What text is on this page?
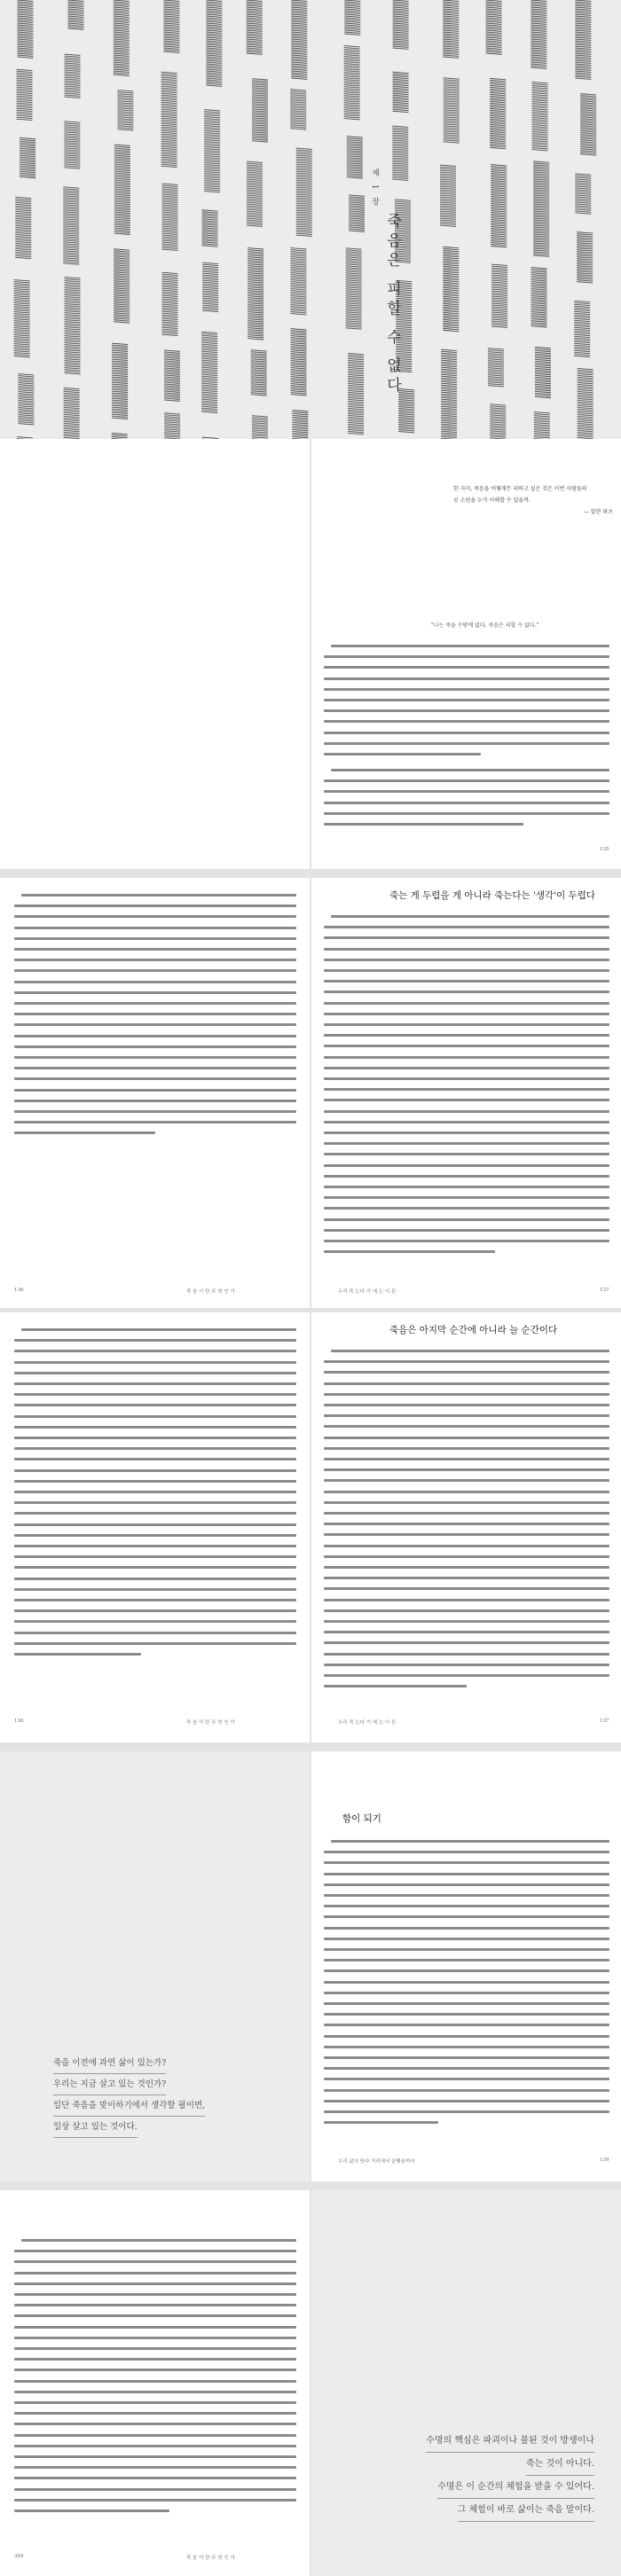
제 1 장
죽음은 피할 수 없다
한 자지, 죽음을 어떻게든 피하고 싶은 것은 이번 사람들의
공 소원을 누가 이해할 수 있을까.
— 알란 와츠
"나는 죽을 수밖에 없다. 죽음은 피할 수 없다."
135
136	죽 음 이 란 무 엇 인 가
죽는 게 두렵을 게 아니라 죽는다는 '생각'이 두렵다
우리 죽 는다 기 에 는 이 른	137
136	죽 음 이 란 무 엇 인 가
죽음은 아지막 순간에 아니라 늘 순간이다
우리 죽 는다 기 에 는 이 른	137
죽을 이전에 과연 삶이 있는가?
우리는 지금 살고 있는 것인가?
일단 죽음을 맞이하기에서 생각할 필이면,
일상 살고 있는 것이다.
함이 되기
우리 삶의 뜻다 거리에서 끝맺음까지	139
384	죽 음 이 란 무 엇 인 가
수명의 핵심은 파괴이나 불된 것이 방생이나
죽는 것이 아니다.
수명은 이 순간의 체험을 받을 수 있어다.
그 체험이 바로 삶이는 죽음 말이다.
